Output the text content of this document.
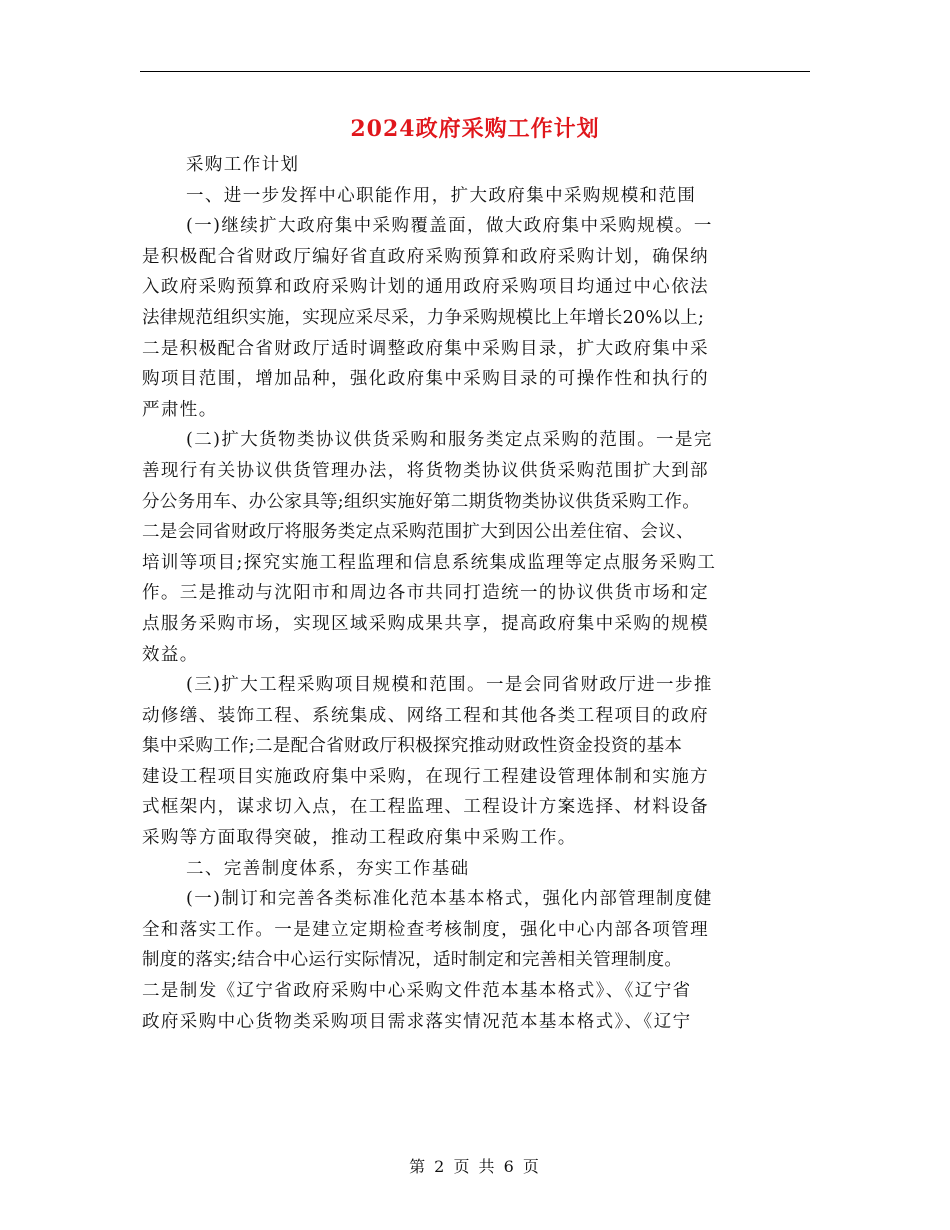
2024政府采购工作计划
采购工作计划
一、进一步发挥中心职能作用，扩大政府集中采购规模和范围
(一)继续扩大政府集中采购覆盖面，做大政府集中采购规模。一
是积极配合省财政厅编好省直政府采购预算和政府采购计划，确保纳
入政府采购预算和政府采购计划的通用政府采购项目均通过中心依法
法律规范组织实施，实现应采尽采，力争采购规模比上年增长20%以上;
二是积极配合省财政厅适时调整政府集中采购目录，扩大政府集中采
购项目范围，增加品种，强化政府集中采购目录的可操作性和执行的
严肃性。
(二)扩大货物类协议供货采购和服务类定点采购的范围。一是完
善现行有关协议供货管理办法，将货物类协议供货采购范围扩大到部
分公务用车、办公家具等;组织实施好第二期货物类协议供货采购工作。
二是会同省财政厅将服务类定点采购范围扩大到因公出差住宿、会议、
培训等项目;探究实施工程监理和信息系统集成监理等定点服务采购工
作。三是推动与沈阳市和周边各市共同打造统一的协议供货市场和定
点服务采购市场，实现区域采购成果共享，提高政府集中采购的规模
效益。
(三)扩大工程采购项目规模和范围。一是会同省财政厅进一步推
动修缮、装饰工程、系统集成、网络工程和其他各类工程项目的政府
集中采购工作;二是配合省财政厅积极探究推动财政性资金投资的基本
建设工程项目实施政府集中采购，在现行工程建设管理体制和实施方
式框架内，谋求切入点，在工程监理、工程设计方案选择、材料设备
采购等方面取得突破，推动工程政府集中采购工作。
二、完善制度体系，夯实工作基础
(一)制订和完善各类标准化范本基本格式，强化内部管理制度健
全和落实工作。一是建立定期检查考核制度，强化中心内部各项管理
制度的落实;结合中心运行实际情况，适时制定和完善相关管理制度。
二是制发《辽宁省政府采购中心采购文件范本基本格式》、《辽宁省
政府采购中心货物类采购项目需求落实情况范本基本格式》、《辽宁
第 2 页 共 6 页
